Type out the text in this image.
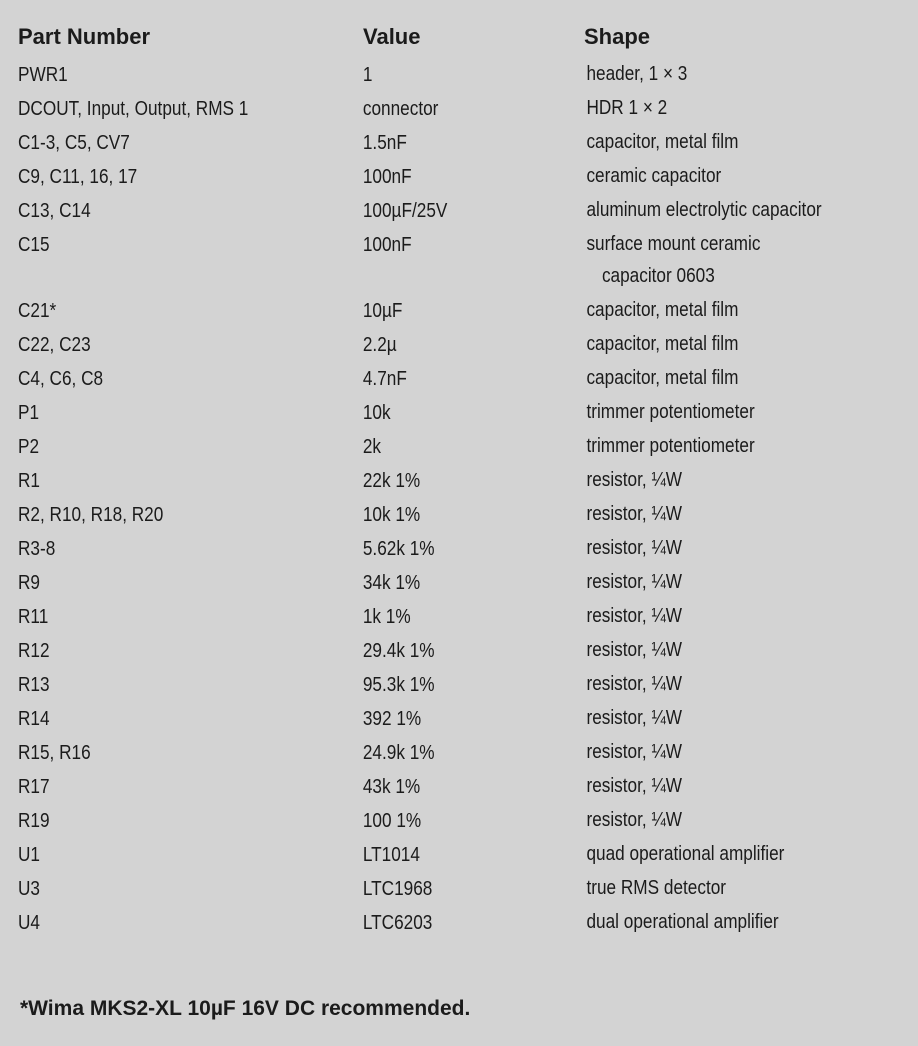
Part Number	Value	Shape
PWR1	1	header, 1 × 3
DCOUT, Input, Output, RMS 1	connector	HDR 1 × 2
C1-3, C5, CV7	1.5nF	capacitor, metal film
C9, C11, 16, 17	100nF	ceramic capacitor
C13, C14	100µF/25V	aluminum electrolytic capacitor
C15	100nF	surface mount ceramic
capacitor 0603
C21*	10µF	capacitor, metal film
C22, C23	2.2µ	capacitor, metal film
C4, C6, C8	4.7nF	capacitor, metal film
P1	10k	trimmer potentiometer
P2	2k	trimmer potentiometer
R1	22k 1%	resistor, ¼W
R2, R10, R18, R20	10k 1%	resistor, ¼W
R3-8	5.62k 1%	resistor, ¼W
R9	34k 1%	resistor, ¼W
R11	1k 1%	resistor, ¼W
R12	29.4k 1%	resistor, ¼W
R13	95.3k 1%	resistor, ¼W
R14	392 1%	resistor, ¼W
R15, R16	24.9k 1%	resistor, ¼W
R17	43k 1%	resistor, ¼W
R19	100 1%	resistor, ¼W
U1	LT1014	quad operational amplifier
U3	LTC1968	true RMS detector
U4	LTC6203	dual operational amplifier
*Wima MKS2-XL 10µF 16V DC recommended.
